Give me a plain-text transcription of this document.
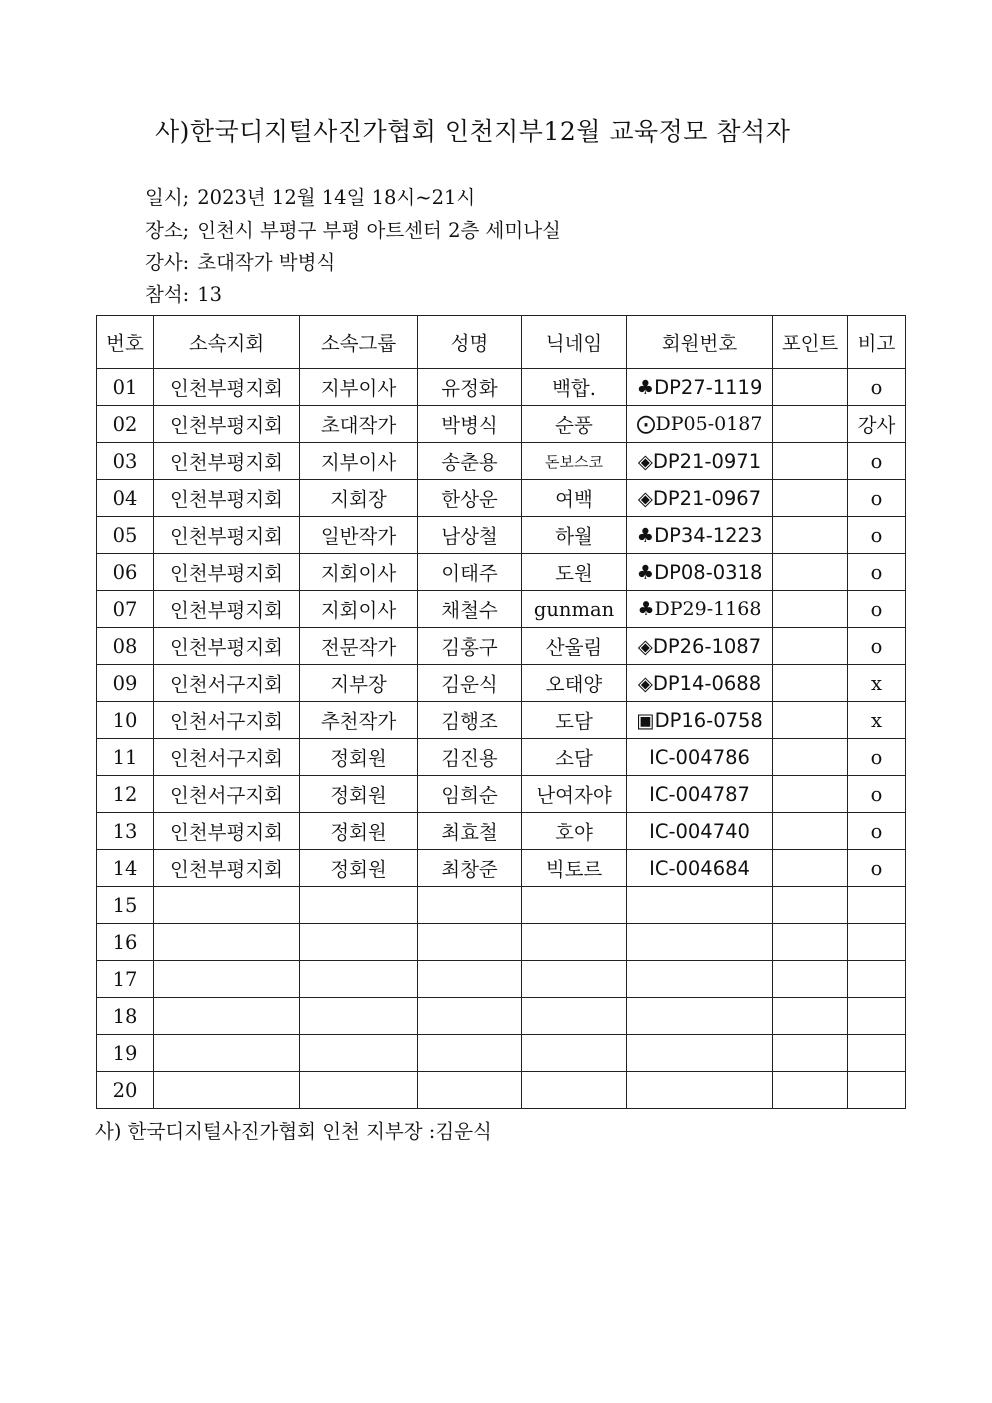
사)한국디지털사진가협회 인천지부12월 교육정모 참석자
일시; 2023년 12월 14일 18시~21시
장소; 인천시 부평구 부평 아트센터 2층 세미나실
강사: 초대작가 박병식
참석: 13
번호	소속지회	소속그룹	성명	닉네임	회원번호	포인트	비고
01	인천부평지회	지부이사	유정화	백합.	♣DP27-1119		o
02	인천부평지회	초대작가	박병식	순풍	⨀DP05-0187		강사
03	인천부평지회	지부이사	송춘용	돈보스코	◈DP21-0971		o
04	인천부평지회	지회장	한상운	여백	◈DP21-0967		o
05	인천부평지회	일반작가	남상철	하월	♣DP34-1223		o
06	인천부평지회	지회이사	이태주	도원	♣DP08-0318		o
07	인천부평지회	지회이사	채철수	gunman	♣DP29-1168		o
08	인천부평지회	전문작가	김홍구	산울림	◈DP26-1087		o
09	인천서구지회	지부장	김운식	오태양	◈DP14-0688		x
10	인천서구지회	추천작가	김행조	도담	▣DP16-0758		x
11	인천서구지회	정회원	김진용	소담	IC-004786		o
12	인천서구지회	정회원	임희순	난여자야	IC-004787		o
13	인천부평지회	정회원	최효철	호야	IC-004740		o
14	인천부평지회	정회원	최창준	빅토르	IC-004684		o
15							
16							
17							
18							
19							
20							
사) 한국디지털사진가협회 인천 지부장 :김운식
